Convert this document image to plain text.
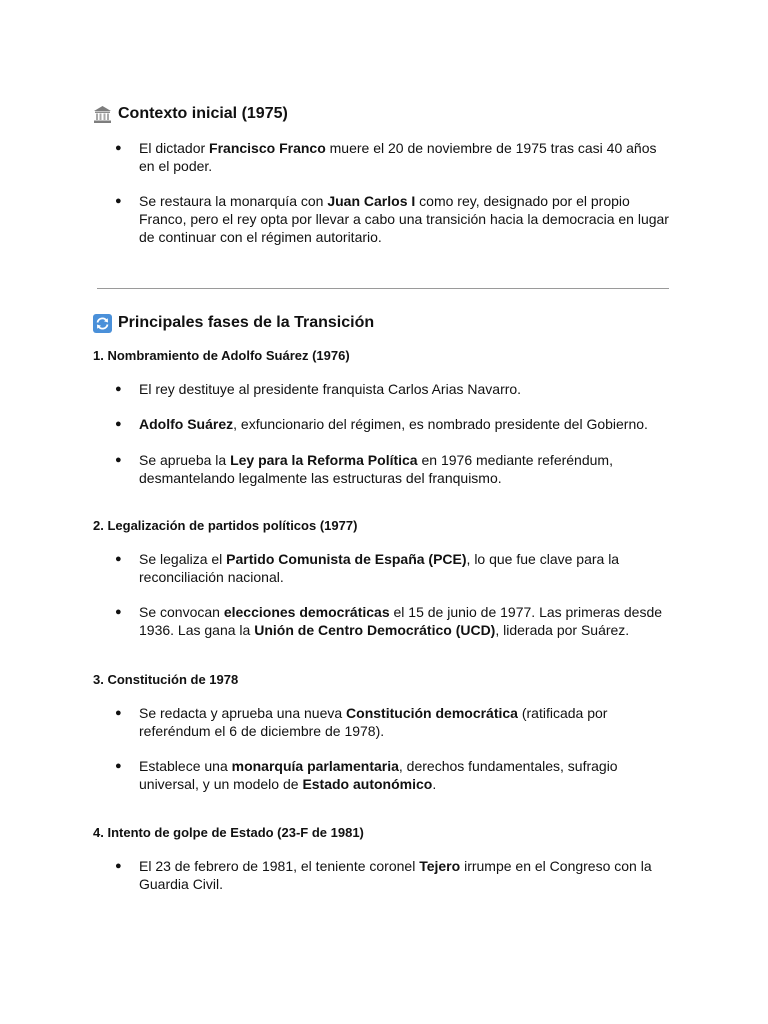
Contexto inicial (1975)
● El dictador Francisco Franco muere el 20 de noviembre de 1975 tras casi 40 años en el poder.
● Se restaura la monarquía con Juan Carlos I como rey, designado por el propio Franco, pero el rey opta por llevar a cabo una transición hacia la democracia en lugar de continuar con el régimen autoritario.
Principales fases de la Transición
1. Nombramiento de Adolfo Suárez (1976)
● El rey destituye al presidente franquista Carlos Arias Navarro.
● Adolfo Suárez, exfuncionario del régimen, es nombrado presidente del Gobierno.
● Se aprueba la Ley para la Reforma Política en 1976 mediante referéndum, desmantelando legalmente las estructuras del franquismo.
2. Legalización de partidos políticos (1977)
● Se legaliza el Partido Comunista de España (PCE), lo que fue clave para la reconciliación nacional.
● Se convocan elecciones democráticas el 15 de junio de 1977. Las primeras desde 1936. Las gana la Unión de Centro Democrático (UCD), liderada por Suárez.
3. Constitución de 1978
● Se redacta y aprueba una nueva Constitución democrática (ratificada por referéndum el 6 de diciembre de 1978).
● Establece una monarquía parlamentaria, derechos fundamentales, sufragio universal, y un modelo de Estado autonómico.
4. Intento de golpe de Estado (23-F de 1981)
● El 23 de febrero de 1981, el teniente coronel Tejero irrumpe en el Congreso con la Guardia Civil.
